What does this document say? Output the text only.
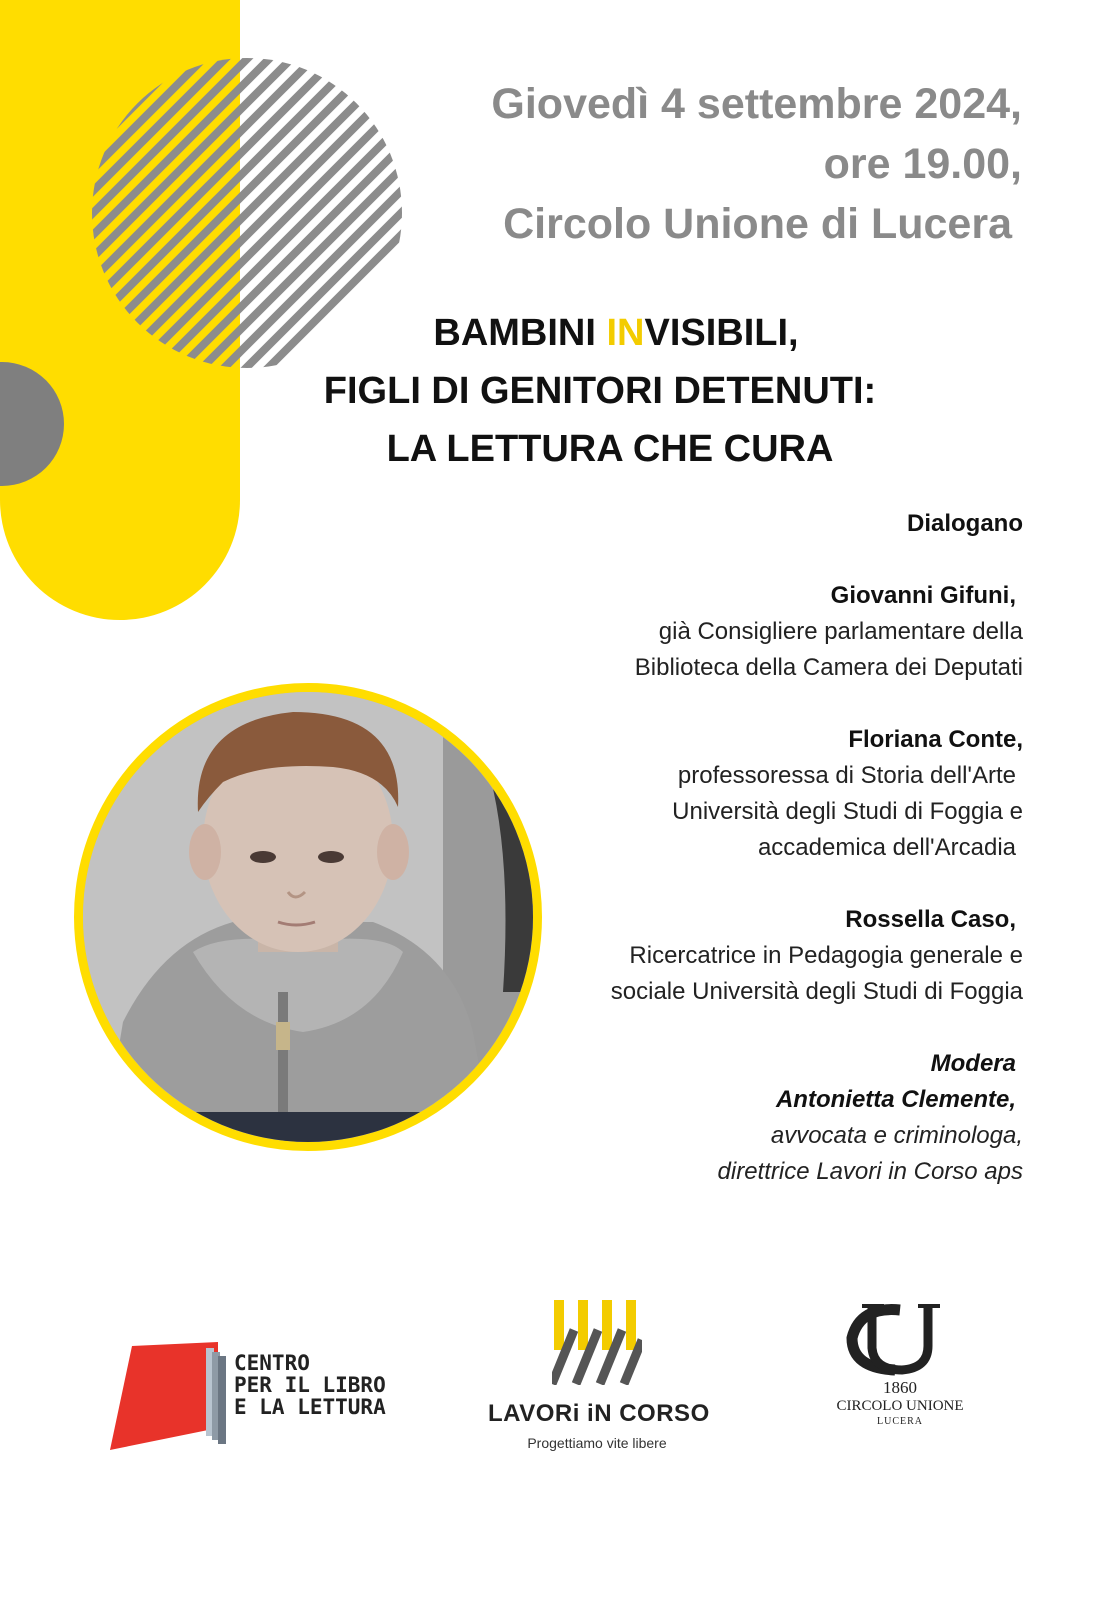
Giovedì 4 settembre 2024,
ore 19.00,
Circolo Unione di Lucera
BAMBINI INVISIBILI,
FIGLI DI GENITORI DETENUTI:
LA LETTURA CHE CURA
Dialogano
Giovanni Gifuni,
già Consigliere parlamentare della
Biblioteca della Camera dei Deputati
Floriana Conte,
professoressa di Storia dell'Arte
Università degli Studi di Foggia e
accademica dell'Arcadia
Rossella Caso,
Ricercatrice in Pedagogia generale e
sociale Università degli Studi di Foggia
Modera
Antonietta Clemente,
avvocata e criminologa,
direttrice Lavori in Corso aps
CENTRO
PER IL LIBRO
E LA LETTURA	LAVORi iN CORSO
Progettiamo vite libere
1860
CIRCOLO UNIONE
LUCERA
